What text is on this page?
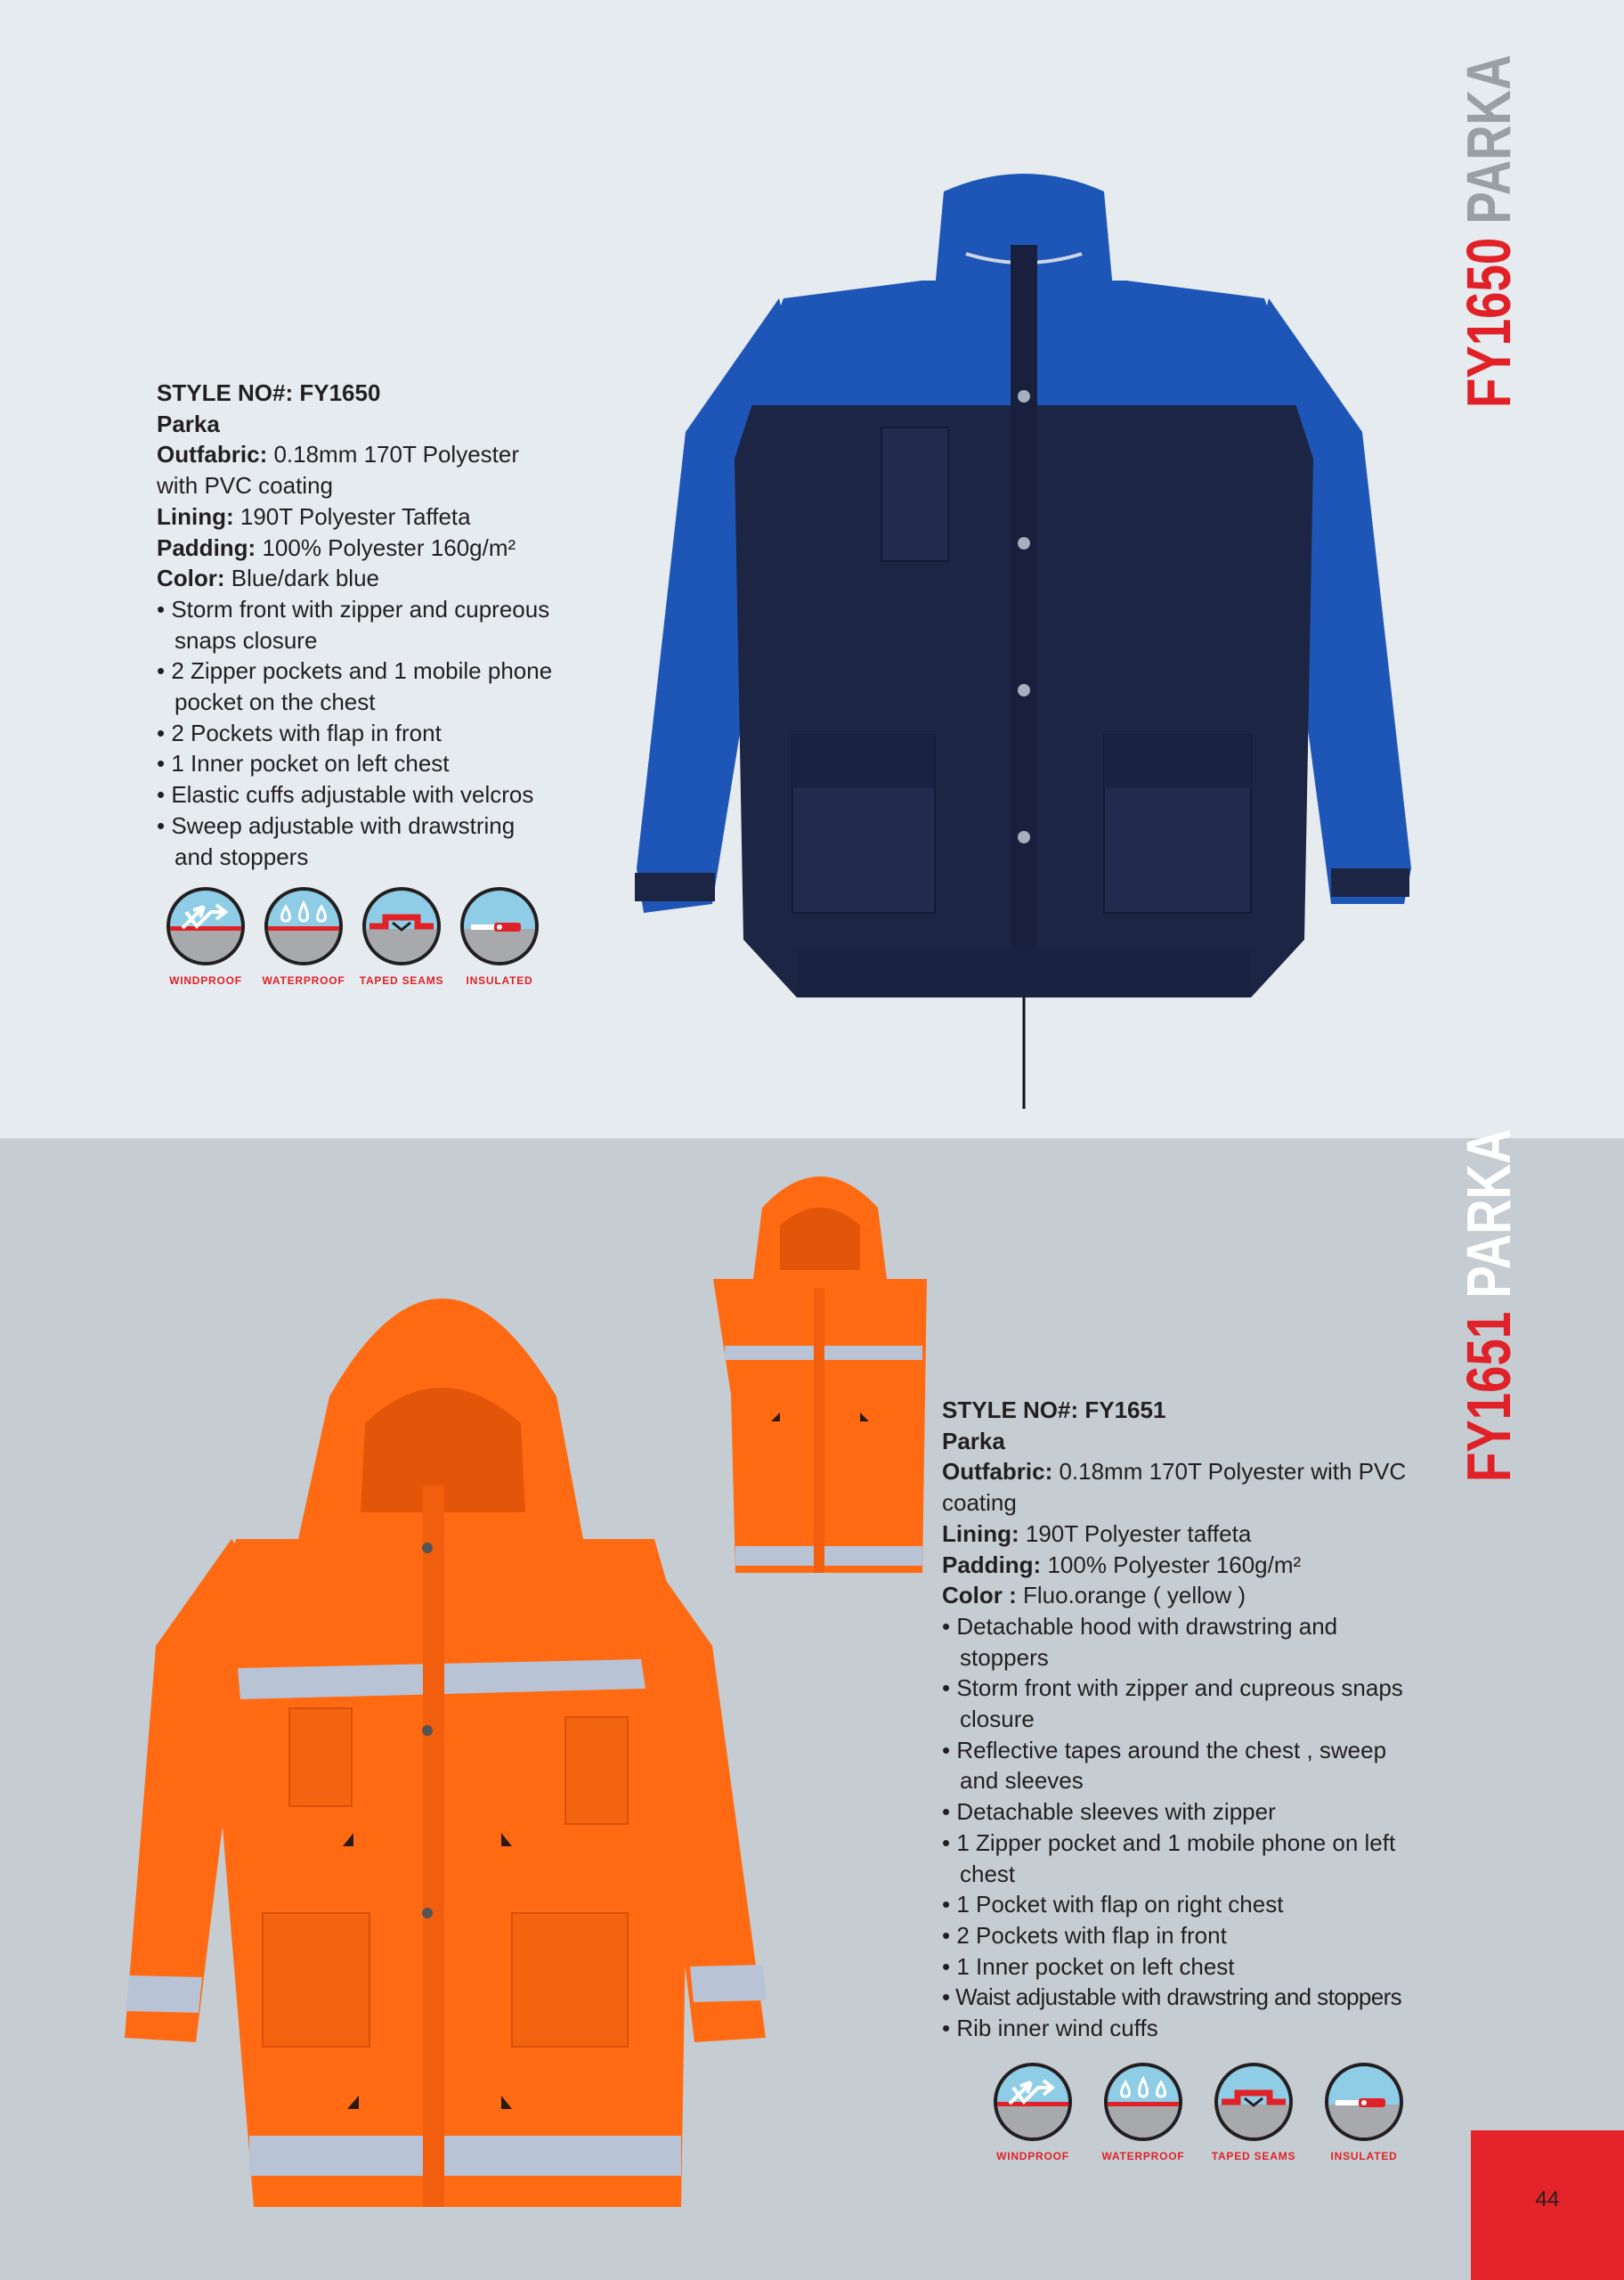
FY1650 PARKA
STYLE NO#: FY1650
Parka
Outfabric: 0.18mm 170T Polyester
with PVC coating
Lining: 190T Polyester Taffeta
Padding: 100% Polyester 160g/m²
Color: Blue/dark blue
• Storm front with zipper and cupreous
snaps closure
• 2 Zipper pockets and 1 mobile phone
pocket on the chest
• 2 Pockets with flap in front
• 1 Inner pocket on left chest
• Elastic cuffs adjustable with velcros
• Sweep adjustable with drawstring
and stoppers
WINDPROOF WATERPROOF TAPED SEAMS INSULATED
FY1651 PARKA
STYLE NO#: FY1651
Parka
Outfabric: 0.18mm 170T Polyester with PVC
coating
Lining: 190T Polyester taffeta
Padding: 100% Polyester 160g/m²
Color : Fluo.orange ( yellow )
• Detachable hood with drawstring and
stoppers
• Storm front with zipper and cupreous snaps
closure
• Reflective tapes around the chest , sweep
and sleeves
• Detachable sleeves with zipper
• 1 Zipper pocket and 1 mobile phone on left
chest
• 1 Pocket with flap on right chest
• 2 Pockets with flap in front
• 1 Inner pocket on left chest
• Waist adjustable with drawstring and stoppers
• Rib inner wind cuffs
WINDPROOF	WATERPROOF	TAPED SEAMS	INSULATED
44
